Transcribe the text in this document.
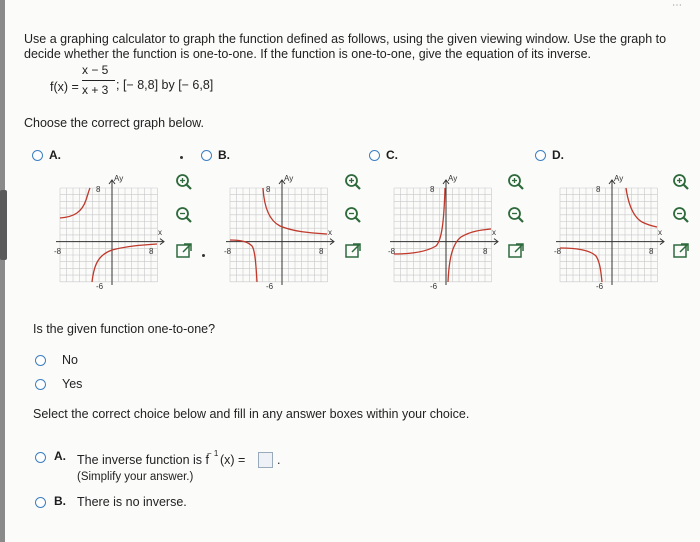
⋯
Use a graphing calculator to graph the function defined as follows, using the given viewing window. Use the graph to
decide whether the function is one-to-one. If the function is one-to-one, give the equation of its inverse.
f(x) =
x − 5
x + 3 ; [− 8,8] by [− 6,8]
Choose the correct graph below.
A.	B.	C.	D.
Ay
x
8
-8	8
-6
Ay
x
8
-8	8
-6
Ay
x
8
-8	8
-6
Ay
x
8
-8	8
-6
Is the given function one-to-one?
No
Yes
Select the correct choice below and fill in any answer boxes within your choice.
A. The inverse function is f
− 1 (x) =	.
(Simplify your answer.)
B. There is no inverse.
